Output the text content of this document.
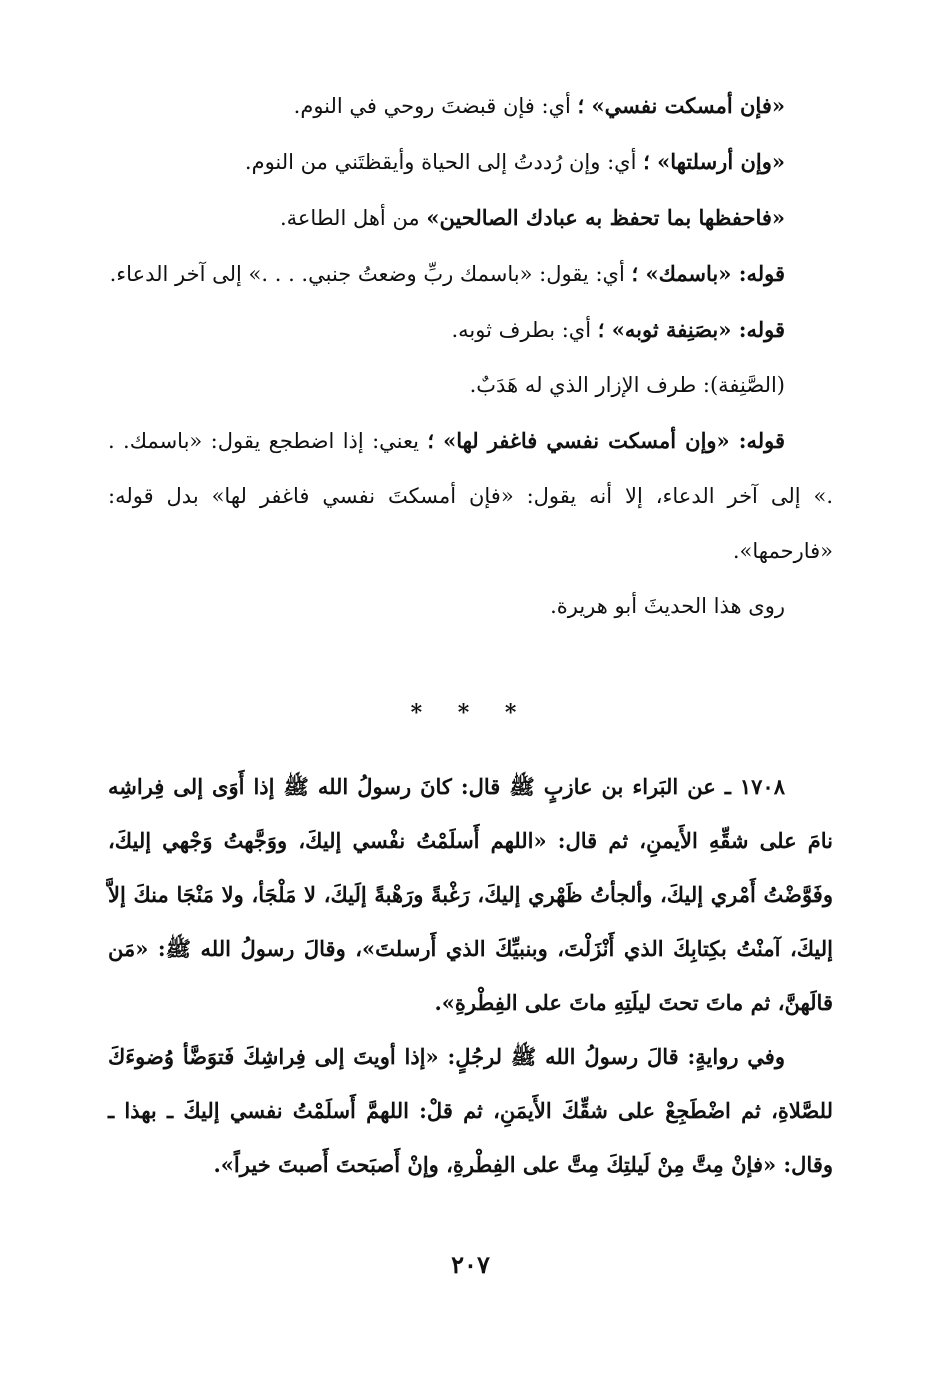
«فإن أمسكت نفسي» ؛ أي: فإن قبضتَ روحي في النوم.

«وإن أرسلتها» ؛ أي: وإن رُددتُ إلى الحياة وأيقظتَني من النوم.

«فاحفظها بما تحفظ به عبادك الصالحين» من أهل الطاعة.

قوله: «باسمك» ؛ أي: يقول: «باسمك ربِّ وضعتُ جنبي. . . .» إلى آخر الدعاء.

قوله: «بصَنِفة ثوبه» ؛ أي: بطرف ثوبه.

(الصَّنِفة): طرف الإزار الذي له هَدَبٌ.

قوله: «وإن أمسكت نفسي فاغفر لها» ؛ يعني: إذا اضطجع يقول: «باسمك. . .» إلى آخر الدعاء، إلا أنه يقول: «فإن أمسكتَ نفسي فاغفر لها» بدل قوله: «فارحمها».

روى هذا الحديثَ أبو هريرة.

* * *

١٧٠٨ ـ عن البَراء بن عازبٍ ﷺ قال: كانَ رسولُ الله ﷺ إذا أَوَى إلى فِراشِه نامَ على شقِّهِ الأَيمنِ، ثم قال: «اللهم أَسلَمْتُ نفْسي إليكَ، ووَجَّهتُ وَجْهي إليكَ، وفَوَّضْتُ أَمْري إليكَ، وألجأتُ ظَهْري إليكَ، رَغْبةً ورَهْبةً إلَيكَ، لا مَلْجَأ، ولا مَنْجَا منكَ إلاَّ إليكَ، آمنْتُ بكِتابِكَ الذي أَنْزَلْتَ، وبنبيِّكَ الذي أَرسلتَ»، وقالَ رسولُ الله ﷺ: «مَن قالَهنَّ، ثم ماتَ تحتَ ليلَتِهِ ماتَ على الفِطْرةِ».

وفي روايةٍ: قالَ رسولُ الله ﷺ لرجُلٍ: «إذا أويتَ إلى فِراشِكَ فَتوَضَّأ وُضوءَكَ للصَّلاةِ، ثم اضْطَجِعْ على شقِّكَ الأَيمَنِ، ثم قلْ: اللهمَّ أَسلَمْتُ نفسي إليكَ ـ بهذا ـ وقال: «فإنْ مِتَّ مِنْ لَيلتِكَ مِتَّ على الفِطْرةِ، وإنْ أَصبَحتَ أَصبتَ خيراً».

٢٠٧
